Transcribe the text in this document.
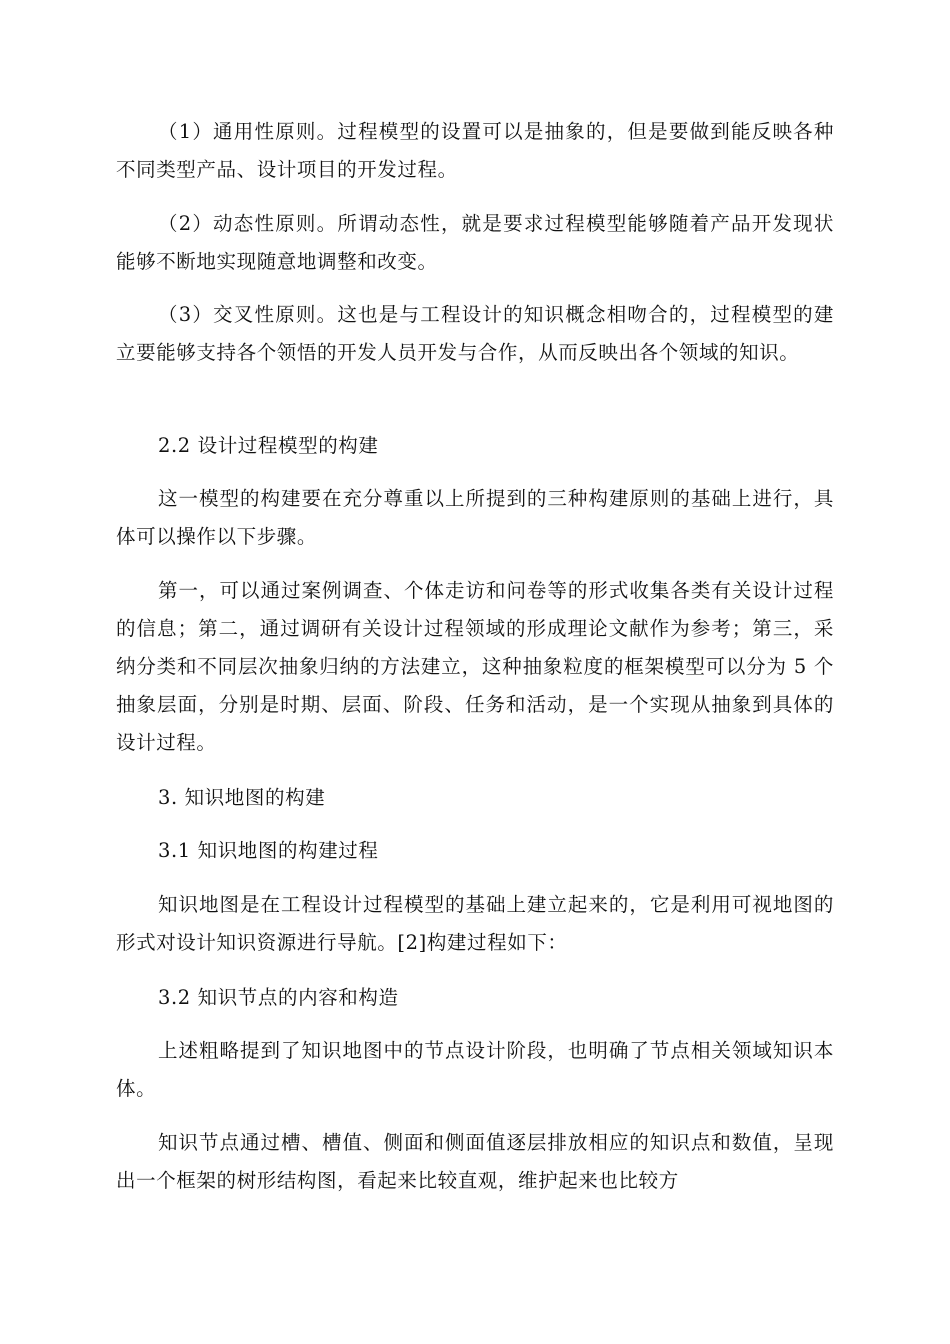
（1）通用性原则。过程模型的设置可以是抽象的，但是要做到能反映各种不同类型产品、设计项目的开发过程。

（2）动态性原则。所谓动态性，就是要求过程模型能够随着产品开发现状能够不断地实现随意地调整和改变。

（3）交叉性原则。这也是与工程设计的知识概念相吻合的，过程模型的建立要能够支持各个领悟的开发人员开发与合作，从而反映出各个领域的知识。

2.2 设计过程模型的构建

这一模型的构建要在充分尊重以上所提到的三种构建原则的基础上进行，具体可以操作以下步骤。

第一，可以通过案例调查、个体走访和问卷等的形式收集各类有关设计过程的信息；第二，通过调研有关设计过程领域的形成理论文献作为参考；第三，采纳分类和不同层次抽象归纳的方法建立，这种抽象粒度的框架模型可以分为 5 个抽象层面，分别是时期、层面、阶段、任务和活动，是一个实现从抽象到具体的设计过程。

3. 知识地图的构建

3.1 知识地图的构建过程

知识地图是在工程设计过程模型的基础上建立起来的，它是利用可视地图的形式对设计知识资源进行导航。[2]构建过程如下：

3.2 知识节点的内容和构造

上述粗略提到了知识地图中的节点设计阶段，也明确了节点相关领域知识本体。

知识节点通过槽、槽值、侧面和侧面值逐层排放相应的知识点和数值，呈现出一个框架的树形结构图，看起来比较直观，维护起来也比较方
